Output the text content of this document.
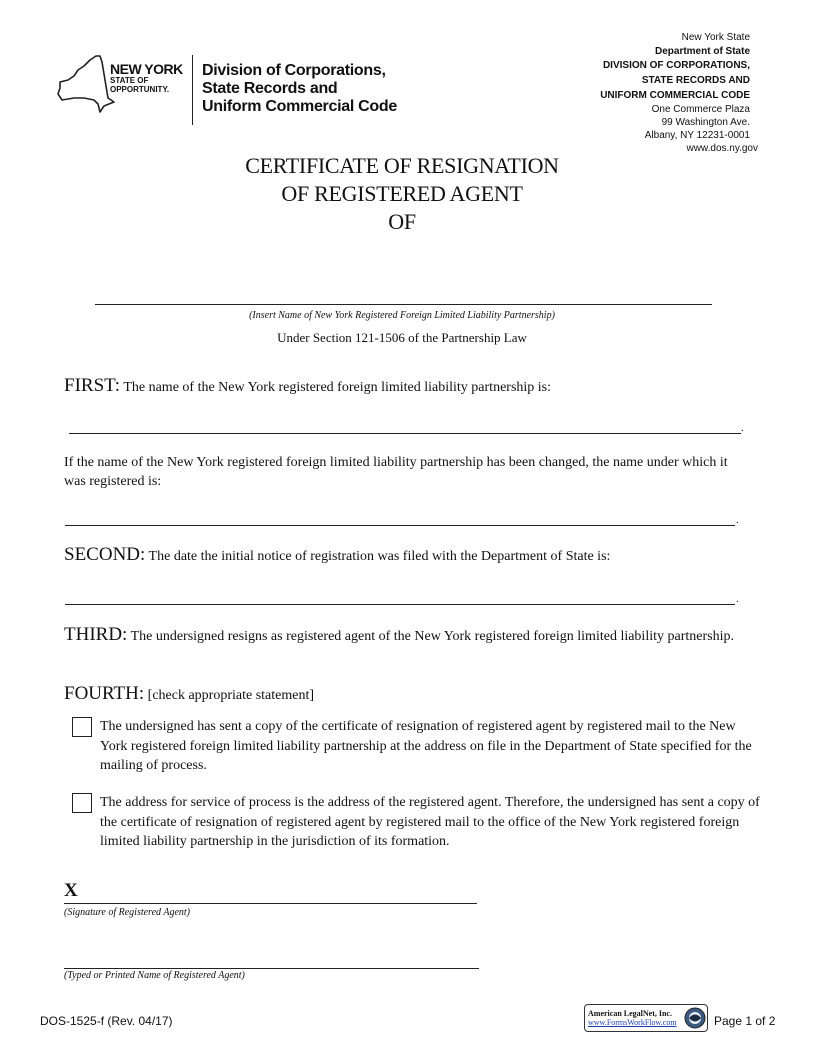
NEW YORK
STATE OF
OPPORTUNITY.
Division of Corporations,
State Records and
Uniform Commercial Code
New York State
Department of State
DIVISION OF CORPORATIONS,
STATE RECORDS AND
UNIFORM COMMERCIAL CODE
One Commerce Plaza
99 Washington Ave.
Albany, NY 12231-0001
www.dos.ny.gov
CERTIFICATE OF RESIGNATION
OF REGISTERED AGENT
OF
(Insert Name of New York Registered Foreign Limited Liability Partnership)
Under Section 121-1506 of the Partnership Law
FIRST: The name of the New York registered foreign limited liability partnership is:
.
If the name of the New York registered foreign limited liability partnership has been changed, the name under which it was registered is:
.
SECOND: The date the initial notice of registration was filed with the Department of State is:
.
THIRD: The undersigned resigns as registered agent of the New York registered foreign limited liability partnership.
FOURTH: [check appropriate statement]
The undersigned has sent a copy of the certificate of resignation of registered agent by registered mail to the New York registered foreign limited liability partnership at the address on file in the Department of State specified for the mailing of process.
The address for service of process is the address of the registered agent. Therefore, the undersigned has sent a copy of the certificate of resignation of registered agent by registered mail to the office of the New York registered foreign limited liability partnership in the jurisdiction of its formation.
X
(Signature of Registered Agent)
(Typed or Printed Name of Registered Agent)
DOS-1525-f (Rev. 04/17)
American LegalNet, Inc.
www.FormsWorkFlow.com	Page 1 of 2
